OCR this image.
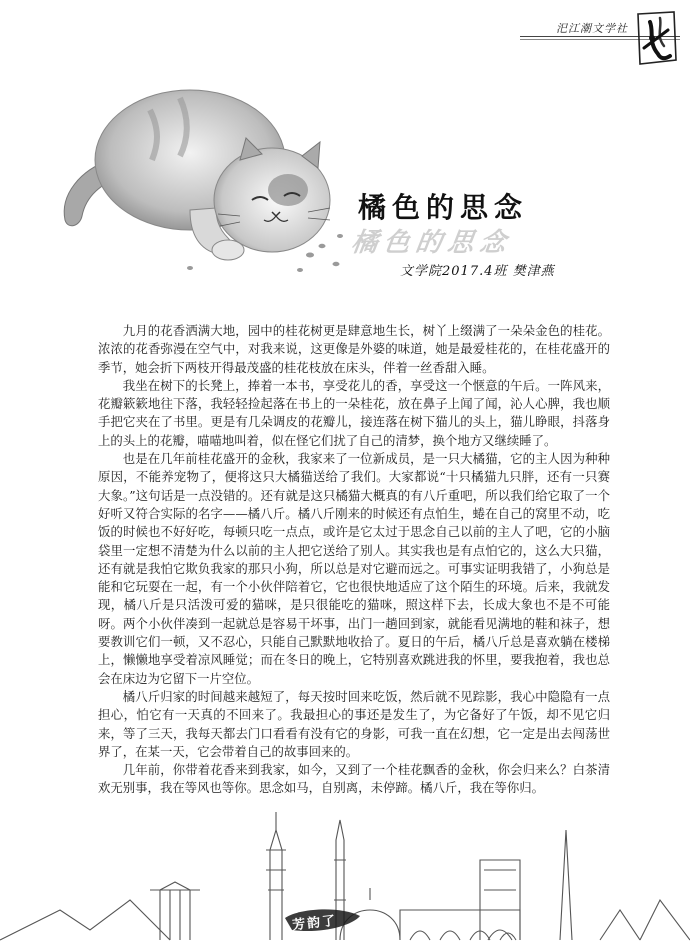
汜江潮文学社
橘色的思念
橘色的思念
文学院2017.4班 樊津燕

九月的花香洒满大地，园中的桂花树更是肆意地生长，树丫上缀满了一朵朵金色的桂花。浓浓的花香弥漫在空气中，对我来说，这更像是外婆的味道，她是最爱桂花的，在桂花盛开的季节，她会折下两枝开得最茂盛的桂花枝放在床头，伴着一丝香甜入睡。

我坐在树下的长凳上，捧着一本书，享受花儿的香，享受这一个惬意的午后。一阵风来，花瓣簌簌地往下落，我轻轻捡起落在书上的一朵桂花，放在鼻子上闻了闻，沁人心脾，我也顺手把它夹在了书里。更是有几朵调皮的花瓣儿，接连落在树下猫儿的头上，猫儿睁眼，抖落身上的头上的花瓣，喵喵地叫着，似在怪它们扰了自己的清梦，换个地方又继续睡了。

也是在几年前桂花盛开的金秋，我家来了一位新成员，是一只大橘猫，它的主人因为种种原因，不能养宠物了，便将这只大橘猫送给了我们。大家都说“十只橘猫九只胖，还有一只赛大象。”这句话是一点没错的。还有就是这只橘猫大概真的有八斤重吧，所以我们给它取了一个好听又符合实际的名字——橘八斤。橘八斤刚来的时候还有点怕生，蜷在自己的窝里不动，吃饭的时候也不好好吃，每顿只吃一点点，或许是它太过于思念自己以前的主人了吧，它的小脑袋里一定想不清楚为什么以前的主人把它送给了别人。其实我也是有点怕它的，这么大只猫，还有就是我怕它欺负我家的那只小狗，所以总是对它避而远之。可事实证明我错了，小狗总是能和它玩耍在一起，有一个小伙伴陪着它，它也很快地适应了这个陌生的环境。后来，我就发现，橘八斤是只活泼可爱的猫咪，是只很能吃的猫咪，照这样下去，长成大象也不是不可能呀。两个小伙伴凑到一起就总是容易干坏事，出门一趟回到家，就能看见满地的鞋和袜子，想要教训它们一顿，又不忍心，只能自己默默地收拾了。夏日的午后，橘八斤总是喜欢躺在楼梯上，懒懒地享受着凉风睡觉；而在冬日的晚上，它特别喜欢跳进我的怀里，要我抱着，我也总会在床边为它留下一片空位。

橘八斤归家的时间越来越短了，每天按时回来吃饭，然后就不见踪影，我心中隐隐有一点担心，怕它有一天真的不回来了。我最担心的事还是发生了，为它备好了午饭，却不见它归来，等了三天，我每天都去门口看看有没有它的身影，可我一直在幻想，它一定是出去闯荡世界了，在某一天，它会带着自己的故事回来的。

几年前，你带着花香来到我家，如今，又到了一个桂花飘香的金秋，你会归来么？白茶清欢无别事，我在等风也等你。思念如马，自别离，未停蹄。橘八斤，我在等你归。

芳韵了
